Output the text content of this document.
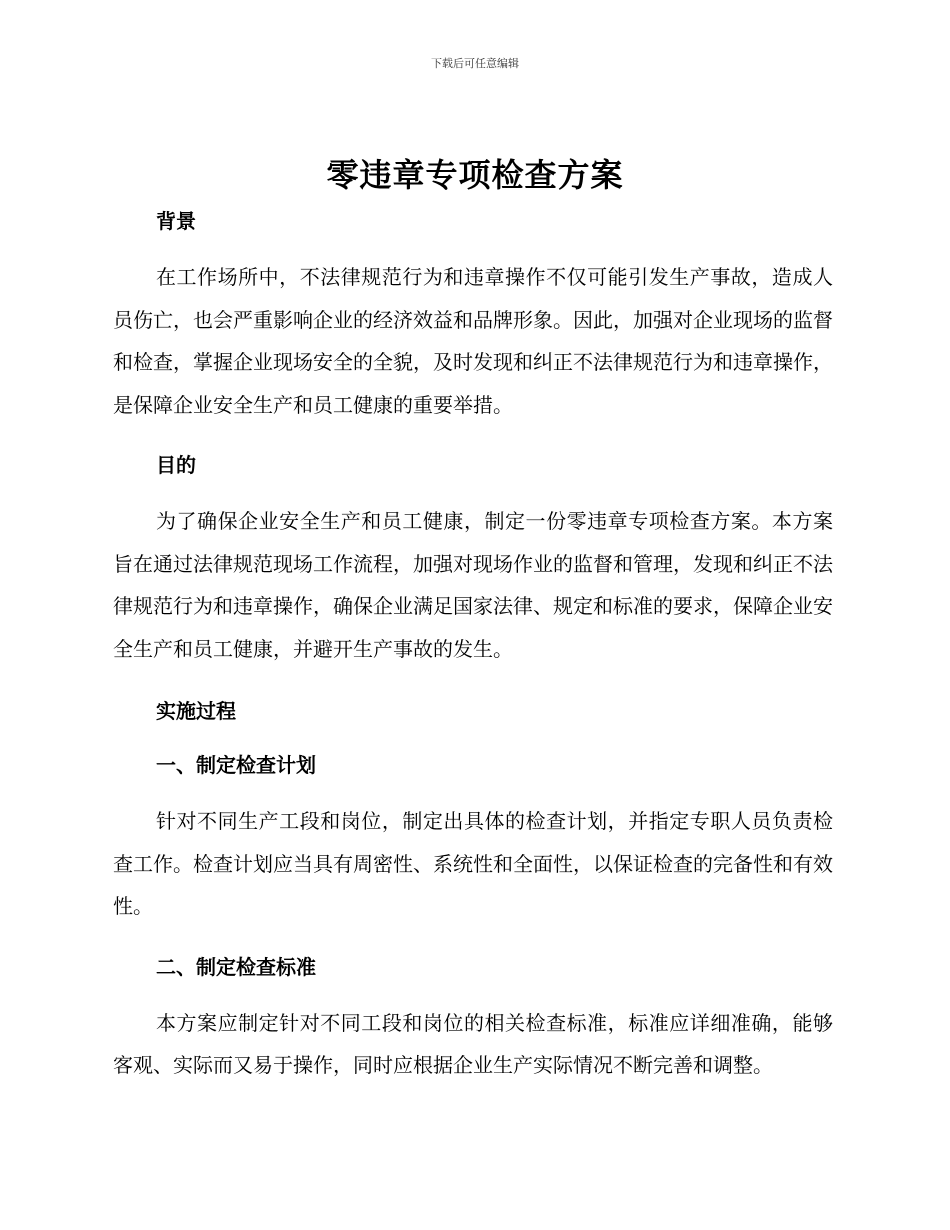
下载后可任意编辑
零违章专项检查方案

背景

在工作场所中，不法律规范行为和违章操作不仅可能引发生产事故，造成人员伤亡，也会严重影响企业的经济效益和品牌形象。因此，加强对企业现场的监督和检查，掌握企业现场安全的全貌，及时发现和纠正不法律规范行为和违章操作，是保障企业安全生产和员工健康的重要举措。

目的

为了确保企业安全生产和员工健康，制定一份零违章专项检查方案。本方案旨在通过法律规范现场工作流程，加强对现场作业的监督和管理，发现和纠正不法律规范行为和违章操作，确保企业满足国家法律、规定和标准的要求，保障企业安全生产和员工健康，并避开生产事故的发生。

实施过程

一、制定检查计划

针对不同生产工段和岗位，制定出具体的检查计划，并指定专职人员负责检查工作。检查计划应当具有周密性、系统性和全面性，以保证检查的完备性和有效性。

二、制定检查标准

本方案应制定针对不同工段和岗位的相关检查标准，标准应详细准确，能够客观、实际而又易于操作，同时应根据企业生产实际情况不断完善和调整。
